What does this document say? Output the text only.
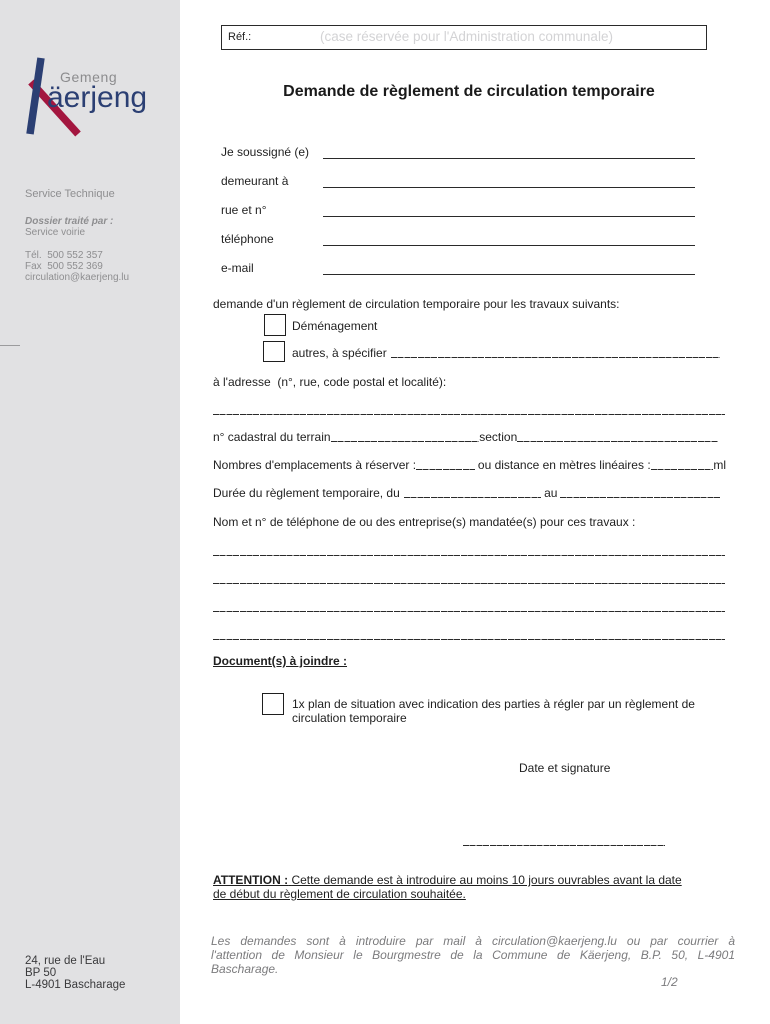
Gemeng
äerjeng
Service Technique
Dossier traité par :
Service voirie
Tél.  500 552 357
Fax  500 552 369
circulation@kaerjeng.lu
24, rue de l'Eau
BP 50
L-4901 Bascharage
Réf.:	(case réservée pour l'Administration communale)
Demande de règlement de circulation temporaire
Je soussigné (e)
demeurant à
rue et n°
téléphone
e-mail
demande d'un règlement de circulation temporaire pour les travaux suivants:
Déménagement
autres, à spécifier
à l'adresse  (n°, rue, code postal et localité):
n° cadastral du terrain	section
Nombres d'emplacements à réserver :	ou distance en mètres linéaires :	ml
Durée du règlement temporaire, du	au
Nom et n° de téléphone de ou des entreprise(s) mandatée(s) pour ces travaux :
Document(s) à joindre :
1x plan de situation avec indication des parties à régler par un règlement de
circulation temporaire
Date et signature
ATTENTION : Cette demande est à introduire au moins 10 jours ouvrables avant la date
de début du règlement de circulation souhaitée.
Les demandes sont à introduire par mail à circulation@kaerjeng.lu ou par courrier à
l'attention de Monsieur le Bourgmestre de la Commune de Käerjeng, B.P. 50, L-4901
Bascharage.
1/2
